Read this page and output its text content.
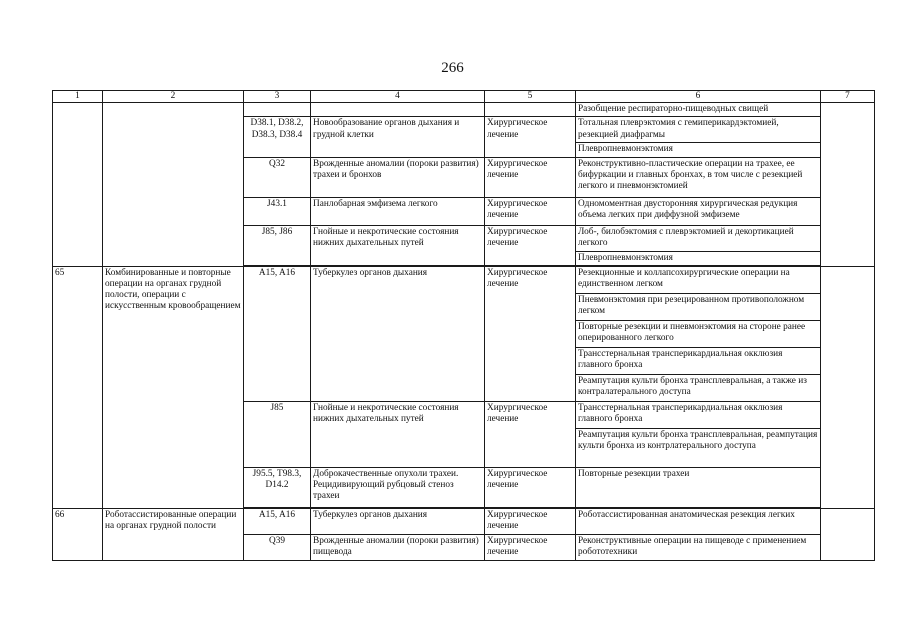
266
1	2	3	4	5	6	7
					Разобщение респираторно-пищеводных свищей	
		D38.1, D38.2, D38.3, D38.4	Новообразование органов дыхания и грудной клетки	Хирургическое лечение	Тотальная плеврэктомия с гемиперикардэктомией, резекцией диафрагмы	
					Плевропневмонэктомия	
		Q32	Врожденные аномалии (пороки развития) трахеи и бронхов	Хирургическое лечение	Реконструктивно-пластические операции на трахее, ее бифуркации и главных бронхах, в том числе с резекцией легкого и пневмонэктомией	
		J43.1	Панлобарная эмфизема легкого	Хирургическое лечение	Одномоментная двусторонняя хирургическая редукция объема легких при диффузной эмфиземе	
		J85, J86	Гнойные и некротические состояния нижних дыхательных путей	Хирургическое лечение	Лоб-, билобэктомия с плеврэктомией и декортикацией легкого	
					Плевропневмонэктомия	

65	Комбинированные и повторные операции на органах грудной полости, операции с искусственным кровообращением	A15, A16	Туберкулез органов дыхания	Хирургическое лечение	Резекционные и коллапсохирургические операции на единственном легком	
					Пневмонэктомия при резецированном противоположном легком	
					Повторные резекции и пневмонэктомия на стороне ранее оперированного легкого	
					Трансстернальная трансперикардиальная окклюзия главного бронха	
					Реампутация культи бронха трансплевральная, а также из контралатерального доступа	
		J85	Гнойные и некротические состояния нижних дыхательных путей	Хирургическое лечение	Трансстернальная трансперикардиальная окклюзия главного бронха	
					Реампутация культи бронха трансплевральная, реампутация культи бронха из контрлатерального доступа	
		J95.5, T98.3, D14.2	Доброкачественные опухоли трахеи. Рецидивирующий рубцовый стеноз трахеи	Хирургическое лечение	Повторные резекции трахеи	

66	Роботассистированные операции на органах грудной полости	A15, A16	Туберкулез органов дыхания	Хирургическое лечение	Роботассистированная анатомическая резекция легких	
		Q39	Врожденные аномалии (пороки развития) пищевода	Хирургическое лечение	Реконструктивные операции на пищеводе с применением робототехники	
